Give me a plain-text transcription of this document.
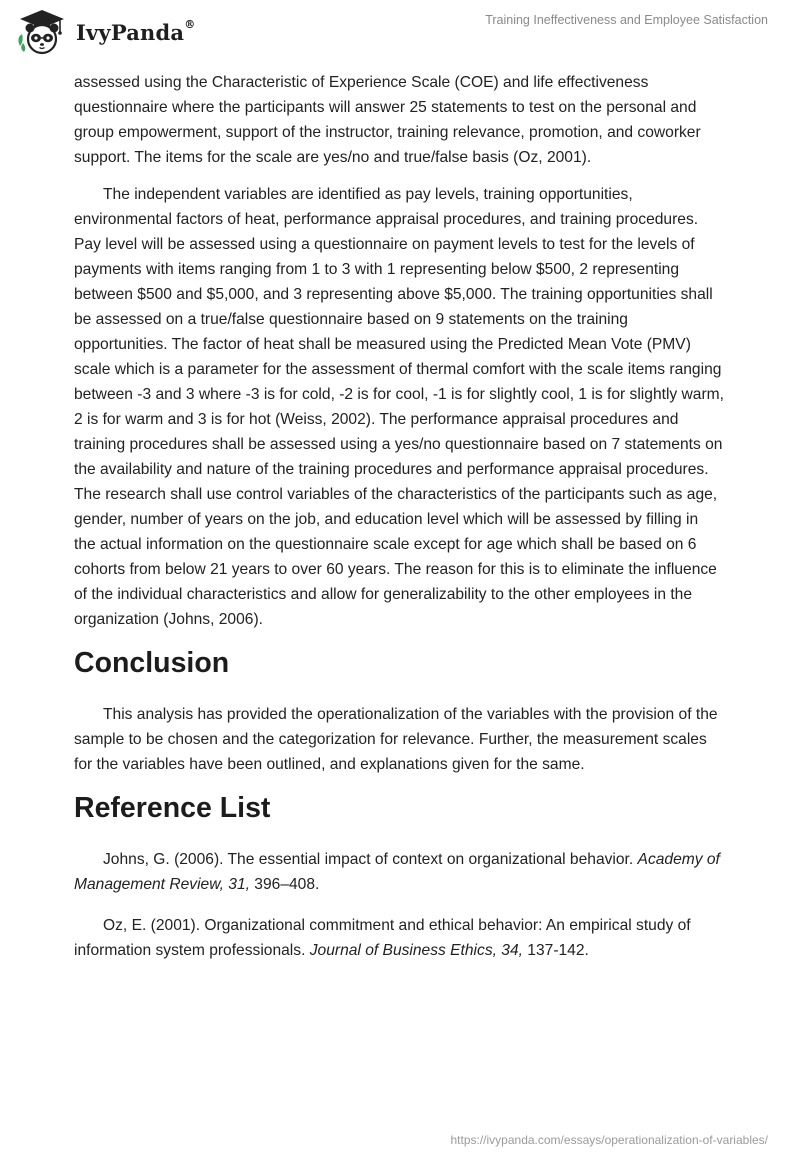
IvyPanda®	Training Ineffectiveness and Employee Satisfaction

assessed using the Characteristic of Experience Scale (COE) and life effectiveness questionnaire where the participants will answer 25 statements to test on the personal and group empowerment, support of the instructor, training relevance, promotion, and coworker support. The items for the scale are yes/no and true/false basis (Oz, 2001).

The independent variables are identified as pay levels, training opportunities, environmental factors of heat, performance appraisal procedures, and training procedures. Pay level will be assessed using a questionnaire on payment levels to test for the levels of payments with items ranging from 1 to 3 with 1 representing below $500, 2 representing between $500 and $5,000, and 3 representing above $5,000. The training opportunities shall be assessed on a true/false questionnaire based on 9 statements on the training opportunities. The factor of heat shall be measured using the Predicted Mean Vote (PMV) scale which is a parameter for the assessment of thermal comfort with the scale items ranging between -3 and 3 where -3 is for cold, -2 is for cool, -1 is for slightly cool, 1 is for slightly warm, 2 is for warm and 3 is for hot (Weiss, 2002). The performance appraisal procedures and training procedures shall be assessed using a yes/no questionnaire based on 7 statements on the availability and nature of the training procedures and performance appraisal procedures. The research shall use control variables of the characteristics of the participants such as age, gender, number of years on the job, and education level which will be assessed by filling in the actual information on the questionnaire scale except for age which shall be based on 6 cohorts from below 21 years to over 60 years. The reason for this is to eliminate the influence of the individual characteristics and allow for generalizability to the other employees in the organization (Johns, 2006).

Conclusion

This analysis has provided the operationalization of the variables with the provision of the sample to be chosen and the categorization for relevance. Further, the measurement scales for the variables have been outlined, and explanations given for the same.

Reference List

Johns, G. (2006). The essential impact of context on organizational behavior. Academy of Management Review, 31, 396–408.

Oz, E. (2001). Organizational commitment and ethical behavior: An empirical study of information system professionals. Journal of Business Ethics, 34, 137-142.

https://ivypanda.com/essays/operationalization-of-variables/
